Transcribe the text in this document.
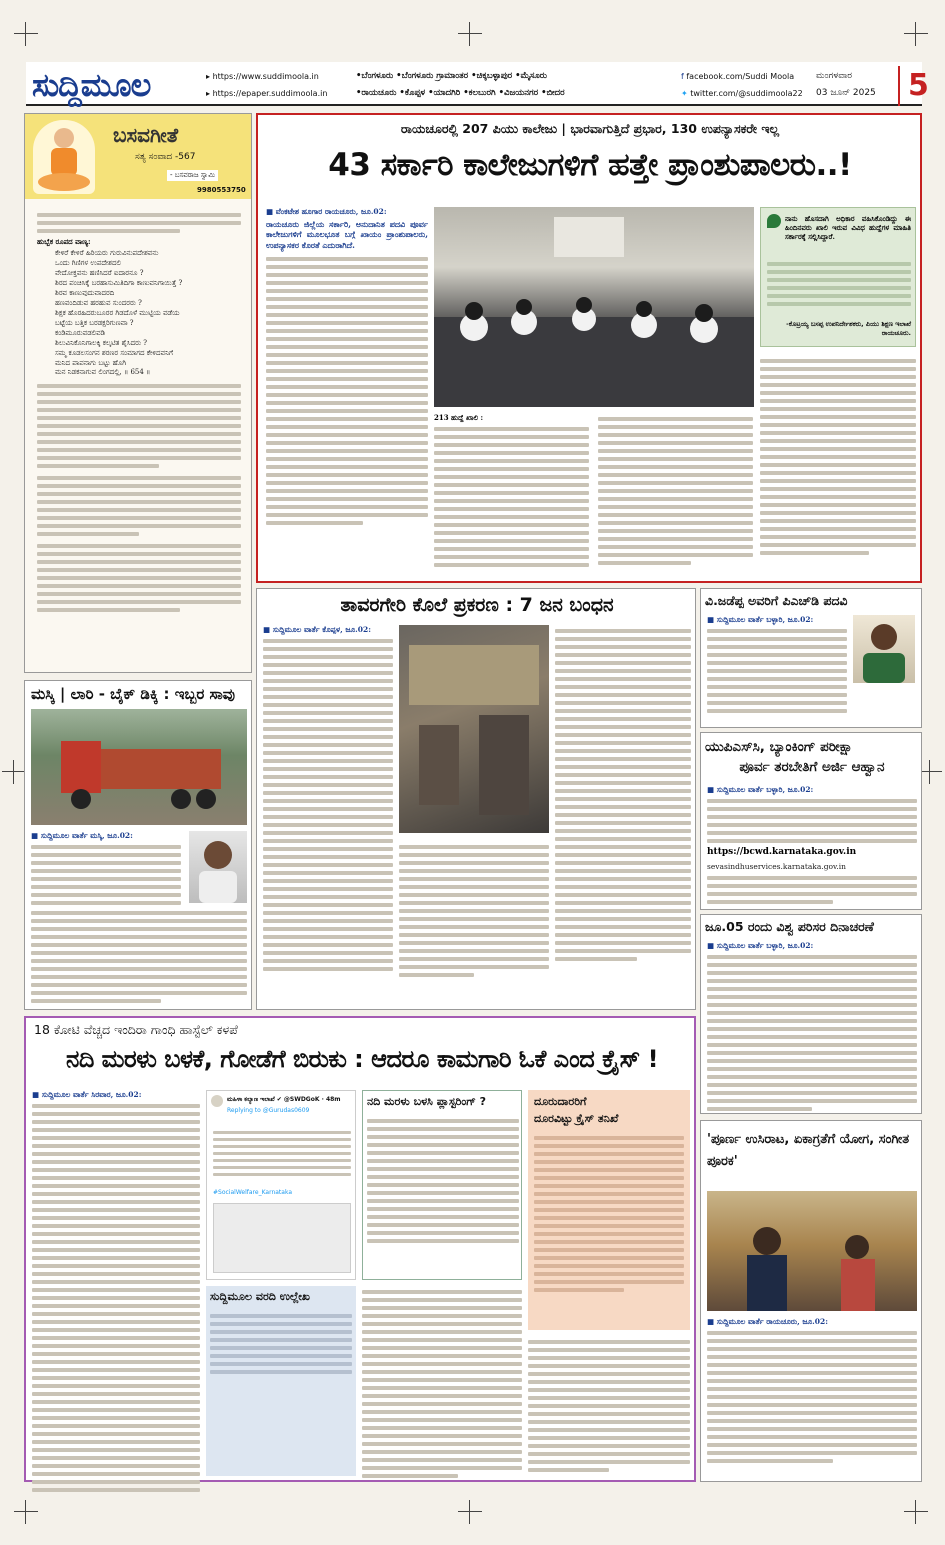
ಸುದ್ದಿಮೂಲ	▸ https://www.suddimoola.in
▸ https://epaper.suddimoola.in
•ಬೆಂಗಳೂರು •ಬೆಂಗಳೂರು ಗ್ರಾಮಾಂತರ •ಚಿಕ್ಕಬಳ್ಳಾಪುರ •ಮೈಸೂರು
•ರಾಯಚೂರು •ಕೊಪ್ಪಳ •ಯಾದಗಿರಿ •ಕಲಬುರಗಿ •ವಿಜಯನಗರ •ಬೀದರ
f facebook.com/Suddi Moola
✦ twitter.com/@suddimoola22
ಮಂಗಳವಾರ
03 ಜೂನ್ 2025	5
ಬಸವಗೀತೆ
ಸತ್ಯ ಸಂವಾದ -567
- ಬಸವರಾಜ ಸ್ವಾಮಿ
9980553750
ಹುಬ್ಬೆಕ ರೂಪದ ವಾಣ್ಯ:
ಕೇಳಿರೆ ಕೇಳಿರೆ ಹಿರಿಯರು ಗುರುವಿನುಪದೇಶವನು
ಒಂದು ಗಿಣಿಗಳ ಉಪದೇಶದಲಿ
ವೇದೋಕ್ತವನು ಹಣಿಸಿದರೆ ಐದಾರನೂ ?
ಶಿರದ ಪಂಚಿಸಿಕ್ಕೆ ಬರಹಾಸುಮಿತಿದಿಗಾ ಕಾಣುವನಿಗಾಯಿತ್ತೆ ?
ಶಿರವ ಕಾಣುವುದುವಾದರದಿ
ಹಣವಂದಿಡುವ ಹರಹುವ ಸುಂದರರು ?
ಶಿಕ್ಷಕ ಹೊರಹಿದರುಬೂರರ ಗಿಡದೊಳೆ ಮುಟ್ಟಿಯ ವಡೆಯ
ಬಟ್ಟೆಯ ಬತ್ತಿಕ ಬರಡಕ್ಷರಿಗುಣವಾ ?
ಕಂಡಿಮೂರುವಡಲಿವಡಿ
ಶಿಲುವಿನಿಕೊನಿಗಾಲಕ್ಕಿ ಕಲ್ಕಟಿತ ಶೈಸಿದರು ?
ಸಮ್ಮ ಕೂಡಲಸಂಗನ ಶರಣರ ಸಂಮಾಗದ ಕೇಳಿದವನಿಗೆ
ಮನಿದ ಪಾಪನಾಗು ಬಟ್ಟು ಹೊಗಿ
ಮನ ನಿಡಕನಾಗುವ ಲಿಂಗದಲ್ಲಿ, ॥ 654 ॥
ರಾಯಚೂರಲ್ಲಿ 207 ಪಿಯು ಕಾಲೇಜು | ಭಾರವಾಗುತ್ತಿದೆ ಪ್ರಭಾರ, 130 ಉಪನ್ಯಾಸಕರೇ ಇಲ್ಲ
43 ಸರ್ಕಾರಿ ಕಾಲೇಜುಗಳಿಗೆ ಹತ್ತೇ ಪ್ರಾಂಶುಪಾಲರು..!
■ ವೆಂಕಟೇಶ ಹೂಗಾರ ರಾಯಚೂರು, ಜೂ.02:
ರಾಯಚೂರು ಜಿಲ್ಲೆಯ ಸರ್ಕಾರಿ, ಅನುದಾನಿತ ಪದವಿ ಪೂರ್ವ ಕಾಲೇಜುಗಳಿಗೆ ಮೂಲಭೂತ ಬಗ್ಗೆ ಖಾಯಂ ಪ್ರಾಂಶುಪಾಲರು, ಉಪನ್ಯಾಸಕರ ಕೊರತೆ ಎದುರಾಗಿದೆ.
ನಾನು ಹೊಸದಾಗಿ ಅಧಿಕಾರ ವಹಿಸಿಕೊಂಡಿದ್ದು ಈ ಹಿಂದಿನವರು ಖಾಲಿ ಇರುವ ವಿವಿಧ ಹುದ್ದೆಗಳ ಮಾಹಿತಿ ಸರ್ಕಾರಕ್ಕೆ ಸಲ್ಲಿಸಿದ್ದಾರೆ.
-ಕೊಟ್ರಯ್ಯ ಬಸಪ್ಪ ಉಪನಿರ್ದೇಶಕರು, ಪಿಯು ಶಿಕ್ಷಣ ಇಲಾಖೆ ರಾಯಚೂರು.
213 ಹುದ್ದೆ ಖಾಲಿ :
ಮಸ್ಕಿ | ಲಾರಿ - ಬೈಕ್ ಡಿಕ್ಕಿ : ಇಬ್ಬರ ಸಾವು
■ ಸುದ್ದಿಮೂಲ ವಾರ್ತೆ ಮಸ್ಕಿ, ಜೂ.02:
ತಾವರಗೇರಿ ಕೊಲೆ ಪ್ರಕರಣ : 7 ಜನ ಬಂಧನ
■ ಸುದ್ದಿಮೂಲ ವಾರ್ತೆ ಕೊಪ್ಪಳ, ಜೂ.02:
ವಿ.ಜಡೆಪ್ಪ ಅವರಿಗೆ ಪಿಎಚ್‌ಡಿ ಪದವಿ
■ ಸುದ್ದಿಮೂಲ ವಾರ್ತೆ ಬಳ್ಳಾರಿ, ಜೂ.02:
ಯುಪಿಎಸ್‌ಸಿ, ಬ್ಯಾಂಕಿಂಗ್ ಪರೀಕ್ಷಾ
ಪೂರ್ವ ತರಬೇತಿಗೆ ಅರ್ಜಿ ಆಹ್ವಾನ
■ ಸುದ್ದಿಮೂಲ ವಾರ್ತೆ ಬಳ್ಳಾರಿ, ಜೂ.02:
https://bcwd.karnataka.gov.in
sevasindhuservices.karnataka.gov.in
ಜೂ.05 ರಂದು ವಿಶ್ವ ಪರಿಸರ ದಿನಾಚರಣೆ
■ ಸುದ್ದಿಮೂಲ ವಾರ್ತೆ ಬಳ್ಳಾರಿ, ಜೂ.02:
'ಪೂರ್ಣ ಉಸಿರಾಟ, ಏಕಾಗ್ರತೆಗೆ ಯೋಗ, ಸಂಗೀತ ಪೂರಕ'
■ ಸುದ್ದಿಮೂಲ ವಾರ್ತೆ ರಾಯಚೂರು, ಜೂ.02:
18 ಕೋಟಿ ವೆಚ್ಚದ ಇಂದಿರಾ ಗಾಂಧಿ ಹಾಸ್ಟೆಲ್ ಕಳಪೆ
ನದಿ ಮರಳು ಬಳಕೆ, ಗೋಡೆಗೆ ಬಿರುಕು : ಆದರೂ ಕಾಮಗಾರಿ ಓಕೆ ಎಂದ ಕ್ರೈಸ್ !
■ ಸುದ್ದಿಮೂಲ ವಾರ್ತೆ ಸಿರವಾರ, ಜೂ.02:
ಮಹಿಳಾ ಕಲ್ಯಾಣ ಇಲಾಖೆ ✔ @SWDGoK · 48m
Replying to @Gurudas0609
#SocialWelfare_Karnataka
ಸುದ್ದಿಮೂಲ ವರದಿ ಉಲ್ಲೇಖ
ನದಿ ಮರಳು ಬಳಸಿ ಪ್ಲಾಸ್ಟರಿಂಗ್ ?	ದೂರುದಾರರಿಗೆ
ದೂರವಿಟ್ಟು ಕ್ರೈಸ್ ತನಿಖೆ
